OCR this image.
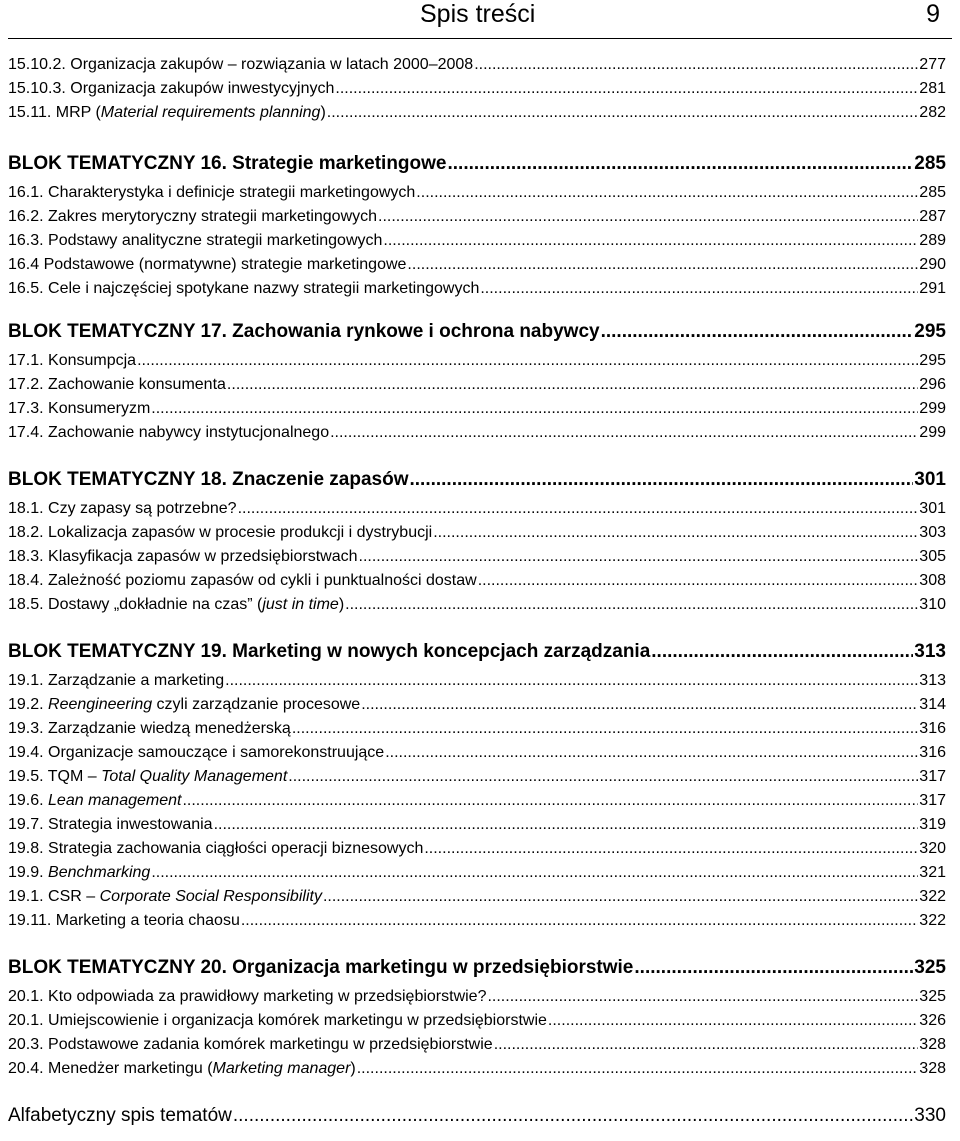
Spis treści	9
15.10.2. Organizacja zakupów – rozwiązania w latach 2000–2008 .....	277
15.10.3. Organizacja zakupów inwestycyjnych .....	281
15.11. MRP (Material requirements planning) .....	282
BLOK TEMATYCZNY 16. Strategie marketingowe .....	285
16.1. Charakterystyka i definicje strategii marketingowych .....	285
16.2. Zakres merytoryczny strategii marketingowych .....	287
16.3. Podstawy analityczne strategii marketingowych .....	289
16.4 Podstawowe (normatywne) strategie marketingowe .....	290
16.5. Cele i najczęściej spotykane nazwy strategii marketingowych .....	291
BLOK TEMATYCZNY 17. Zachowania rynkowe i ochrona nabywcy .....	295
17.1. Konsumpcja .....	295
17.2. Zachowanie konsumenta .....	296
17.3. Konsumeryzm .....	299
17.4. Zachowanie nabywcy instytucjonalnego .....	299
BLOK TEMATYCZNY 18. Znaczenie zapasów .....	301
18.1. Czy zapasy są potrzebne? .....	301
18.2. Lokalizacja zapasów w procesie produkcji i dystrybucji .....	303
18.3. Klasyfikacja zapasów w przedsiębiorstwach .....	305
18.4. Zależność poziomu zapasów od cykli i punktualności dostaw .....	308
18.5. Dostawy „dokładnie na czas” (just in time) .....	310
BLOK TEMATYCZNY 19. Marketing w nowych koncepcjach zarządzania .....	313
19.1. Zarządzanie a marketing .....	313
19.2. Reengineering czyli zarządzanie procesowe .....	314
19.3. Zarządzanie wiedzą menedżerską .....	316
19.4. Organizacje samouczące i samorekonstruujące .....	316
19.5. TQM – Total Quality Management .....	317
19.6. Lean management .....	317
19.7. Strategia inwestowania .....	319
19.8. Strategia zachowania ciągłości operacji biznesowych .....	320
19.9. Benchmarking .....	321
19.1. CSR – Corporate Social Responsibility .....	322
19.11. Marketing a teoria chaosu .....	322
BLOK TEMATYCZNY 20. Organizacja marketingu w przedsiębiorstwie .....	325
20.1. Kto odpowiada za prawidłowy marketing w przedsiębiorstwie? .....	325
20.1. Umiejscowienie i organizacja komórek marketingu w przedsiębiorstwie .....	326
20.3. Podstawowe zadania komórek marketingu w przedsiębiorstwie .....	328
20.4. Menedżer marketingu (Marketing manager) .....	328
Alfabetyczny spis tematów .....	330
